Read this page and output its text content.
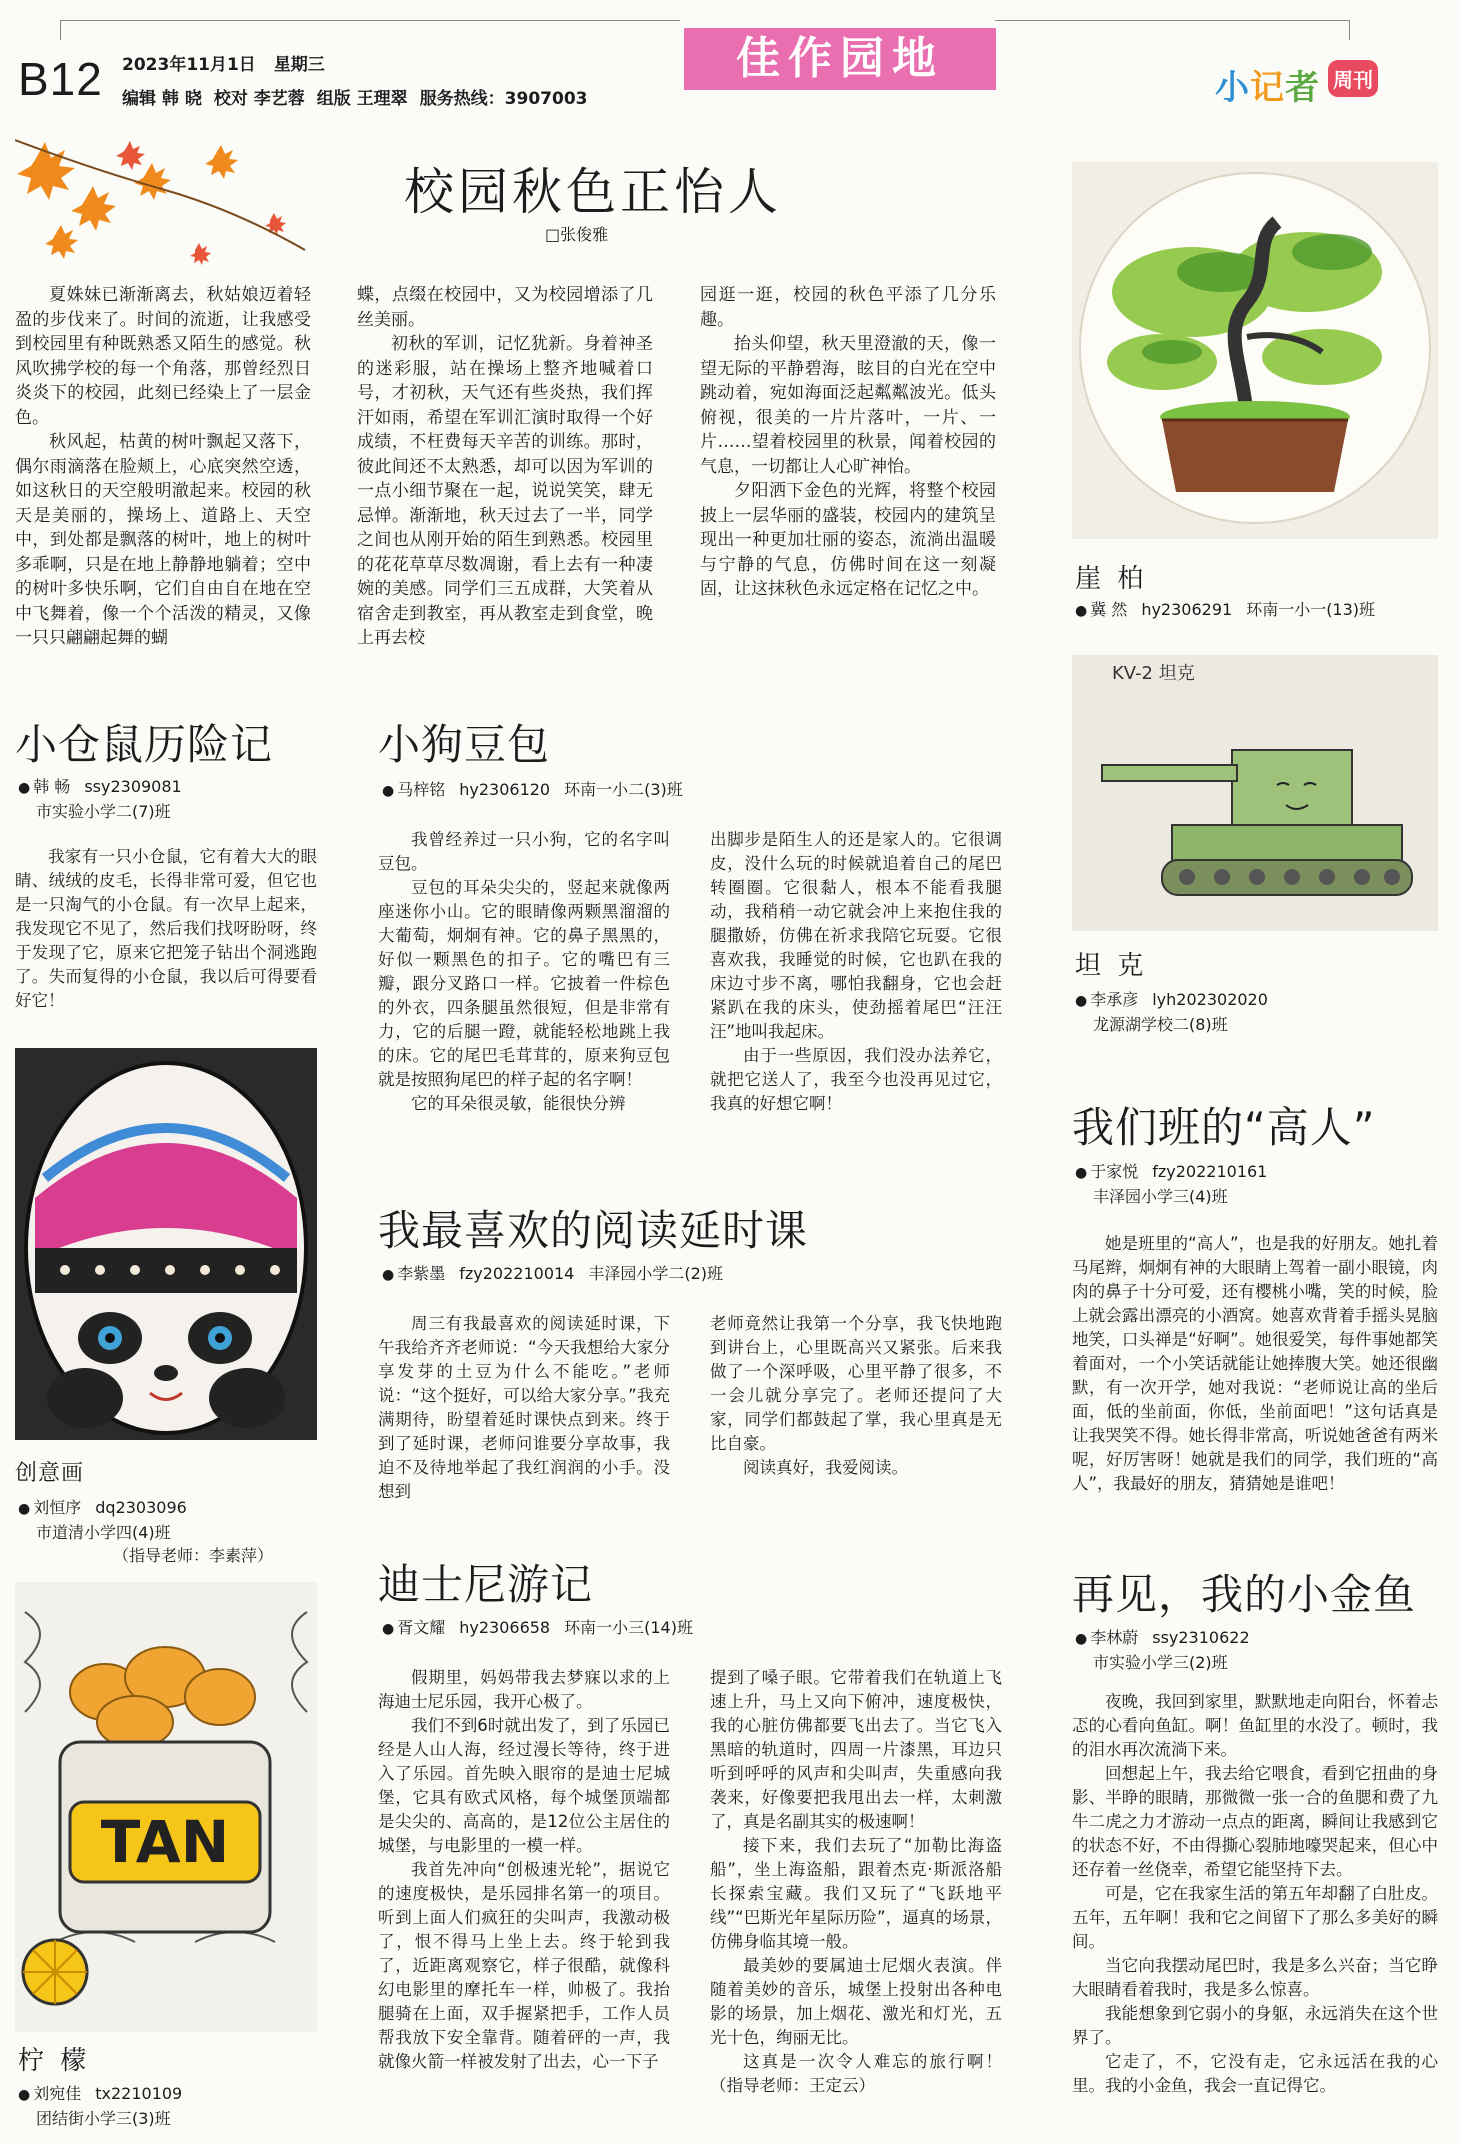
B12 2023年11月1日 星期三
编辑 韩 晓 校对 李艺蓉 组版 王理翠 服务热线：3907003
佳作园地
小记者 周刊
校园秋色正怡人
□张俊雅

夏姝妹已渐渐离去，秋姑娘迈着轻盈的步伐来了。时间的流逝，让我感受到校园里有种既熟悉又陌生的感觉。秋风吹拂学校的每一个角落，那曾经烈日炎炎下的校园，此刻已经染上了一层金色。

秋风起，枯黄的树叶飘起又落下，偶尔雨滴落在脸颊上，心底突然空透，如这秋日的天空般明澈起来。校园的秋天是美丽的，操场上、道路上、天空中，到处都是飘落的树叶，地上的树叶多乖啊，只是在地上静静地躺着；空中的树叶多快乐啊，它们自由自在地在空中飞舞着，像一个个活泼的精灵，又像一只只翩翩起舞的蝴

蝶，点缀在校园中，又为校园增添了几丝美丽。

初秋的军训，记忆犹新。身着神圣的迷彩服，站在操场上整齐地喊着口号，才初秋，天气还有些炎热，我们挥汗如雨，希望在军训汇演时取得一个好成绩，不枉费每天辛苦的训练。那时，彼此间还不太熟悉，却可以因为军训的一点小细节聚在一起，说说笑笑，肆无忌惮。渐渐地，秋天过去了一半，同学之间也从刚开始的陌生到熟悉。校园里的花花草草尽数凋谢，看上去有一种凄婉的美感。同学们三五成群，大笑着从宿舍走到教室，再从教室走到食堂，晚上再去校

园逛一逛，校园的秋色平添了几分乐趣。

抬头仰望，秋天里澄澈的天，像一望无际的平静碧海，眩目的白光在空中跳动着，宛如海面泛起粼粼波光。低头俯视，很美的一片片落叶，一片、一片……望着校园里的秋景，闻着校园的气息，一切都让人心旷神怡。

夕阳洒下金色的光辉，将整个校园披上一层华丽的盛装，校园内的建筑呈现出一种更加壮丽的姿态，流淌出温暖与宁静的气息，仿佛时间在这一刻凝固，让这抹秋色永远定格在记忆之中。	崖 柏
● 冀 然 hy2306291 环南一小一(13)班
KV-2 坦克
坦 克
● 李承彦 lyh202302020
龙源湖学校二(8)班
我们班的“高人”
● 于家悦 fzy202210161
丰泽园小学三(4)班

她是班里的“高人”，也是我的好朋友。她扎着马尾辫，炯炯有神的大眼睛上驾着一副小眼镜，肉肉的鼻子十分可爱，还有樱桃小嘴，笑的时候，脸上就会露出漂亮的小酒窝。她喜欢背着手摇头晃脑地笑，口头禅是“好啊”。她很爱笑，每件事她都笑着面对，一个小笑话就能让她捧腹大笑。她还很幽默，有一次开学，她对我说：“老师说让高的坐后面，低的坐前面，你低，坐前面吧！”这句话真是让我哭笑不得。她长得非常高，听说她爸爸有两米呢，好厉害呀！她就是我们的同学，我们班的“高人”，我最好的朋友，猜猜她是谁吧！

再见，我的小金鱼
● 李林蔚 ssy2310622
市实验小学三(2)班

夜晚，我回到家里，默默地走向阳台，怀着忐忑的心看向鱼缸。啊！鱼缸里的水没了。顿时，我的泪水再次流淌下来。

回想起上午，我去给它喂食，看到它扭曲的身影、半睁的眼睛，那微微一张一合的鱼腮和费了九牛二虎之力才游动一点点的距离，瞬间让我感到它的状态不好，不由得撕心裂肺地嚎哭起来，但心中还存着一丝侥幸，希望它能坚持下去。

可是，它在我家生活的第五年却翻了白肚皮。五年，五年啊！我和它之间留下了那么多美好的瞬间。

当它向我摆动尾巴时，我是多么兴奋；当它睁大眼睛看着我时，我是多么惊喜。

我能想象到它弱小的身躯，永远消失在这个世界了。

它走了，不，它没有走，它永远活在我的心里。我的小金鱼，我会一直记得它。

小仓鼠历险记
● 韩 畅 ssy2309081
市实验小学二(7)班

我家有一只小仓鼠，它有着大大的眼睛、绒绒的皮毛，长得非常可爱，但它也是一只淘气的小仓鼠。有一次早上起来，我发现它不见了，然后我们找呀盼呀，终于发现了它，原来它把笼子钻出个洞逃跑了。失而复得的小仓鼠，我以后可得要看好它！

创意画
● 刘恒序 dq2303096
市道清小学四(4)班
（指导老师：李素萍）
TAN
柠 檬
● 刘宛佳 tx2210109
团结街小学三(3)班
小狗豆包
● 马梓铭 hy2306120 环南一小二(3)班

我曾经养过一只小狗，它的名字叫豆包。

豆包的耳朵尖尖的，竖起来就像两座迷你小山。它的眼睛像两颗黑溜溜的大葡萄，炯炯有神。它的鼻子黑黑的，好似一颗黑色的扣子。它的嘴巴有三瓣，跟分叉路口一样。它披着一件棕色的外衣，四条腿虽然很短，但是非常有力，它的后腿一蹬，就能轻松地跳上我的床。它的尾巴毛茸茸的，原来狗豆包就是按照狗尾巴的样子起的名字啊！

它的耳朵很灵敏，能很快分辨

出脚步是陌生人的还是家人的。它很调皮，没什么玩的时候就追着自己的尾巴转圈圈。它很黏人，根本不能看我腿动，我稍稍一动它就会冲上来抱住我的腿撒娇，仿佛在祈求我陪它玩耍。它很喜欢我，我睡觉的时候，它也趴在我的床边寸步不离，哪怕我翻身，它也会赶紧趴在我的床头，使劲摇着尾巴“汪汪汪”地叫我起床。

由于一些原因，我们没办法养它，就把它送人了，我至今也没再见过它，我真的好想它啊！

我最喜欢的阅读延时课
● 李紫墨 fzy202210014 丰泽园小学二(2)班

周三有我最喜欢的阅读延时课，下午我给齐齐老师说：“今天我想给大家分享发芽的土豆为什么不能吃。”老师说：“这个挺好，可以给大家分享。”我充满期待，盼望着延时课快点到来。终于到了延时课，老师问谁要分享故事，我迫不及待地举起了我红润润的小手。没想到

老师竟然让我第一个分享，我飞快地跑到讲台上，心里既高兴又紧张。后来我做了一个深呼吸，心里平静了很多，不一会儿就分享完了。老师还提问了大家，同学们都鼓起了掌，我心里真是无比自豪。

阅读真好，我爱阅读。

迪士尼游记
● 胥文耀 hy2306658 环南一小三(14)班

假期里，妈妈带我去梦寐以求的上海迪士尼乐园，我开心极了。

我们不到6时就出发了，到了乐园已经是人山人海，经过漫长等待，终于进入了乐园。首先映入眼帘的是迪士尼城堡，它具有欧式风格，每个城堡顶端都是尖尖的、高高的，是12位公主居住的城堡，与电影里的一模一样。

我首先冲向“创极速光轮”，据说它的速度极快，是乐园排名第一的项目。听到上面人们疯狂的尖叫声，我激动极了，恨不得马上坐上去。终于轮到我了，近距离观察它，样子很酷，就像科幻电影里的摩托车一样，帅极了。我抬腿骑在上面，双手握紧把手，工作人员帮我放下安全靠背。随着砰的一声，我就像火箭一样被发射了出去，心一下子

提到了嗓子眼。它带着我们在轨道上飞速上升，马上又向下俯冲，速度极快，我的心脏仿佛都要飞出去了。当它飞入黑暗的轨道时，四周一片漆黑，耳边只听到呼呼的风声和尖叫声，失重感向我袭来，好像要把我甩出去一样，太刺激了，真是名副其实的极速啊！

接下来，我们去玩了“加勒比海盗船”，坐上海盗船，跟着杰克·斯派洛船长探索宝藏。我们又玩了“飞跃地平线”“巴斯光年星际历险”，逼真的场景，仿佛身临其境一般。

最美妙的要属迪士尼烟火表演。伴随着美妙的音乐，城堡上投射出各种电影的场景，加上烟花、激光和灯光，五光十色，绚丽无比。

这真是一次令人难忘的旅行啊！ （指导老师：王定云）
